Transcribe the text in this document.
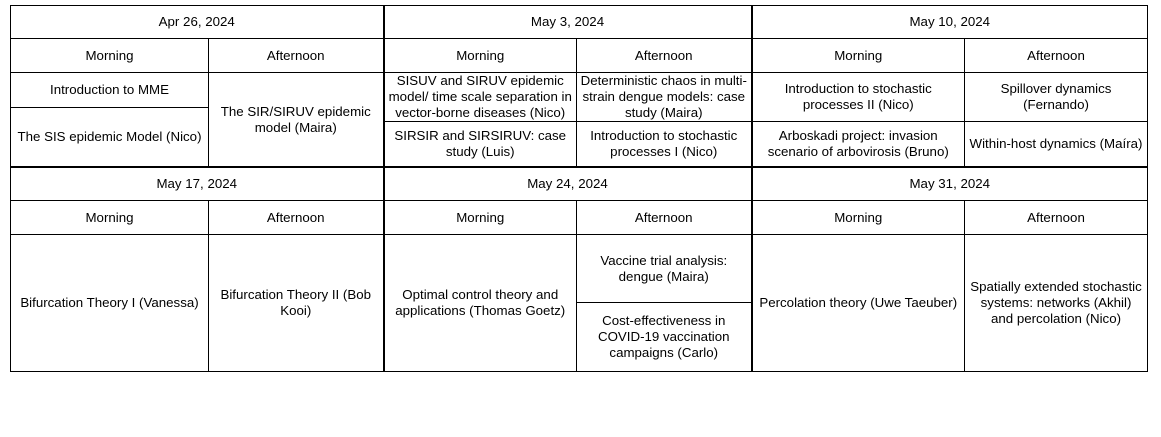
Apr 26, 2024		May 3, 2024		May 10, 2024	
Morning	Afternoon	Morning	Afternoon	Morning	Afternoon
Introduction to MME	The SIR/SIRUV epidemic model (Maira)	SISUV and SIRUV epidemic model/ time scale separation in vector-borne diseases (Nico)	Deterministic chaos in multi-strain dengue models: case study (Maira)	Introduction to stochastic processes II (Nico)	Spillover dynamics (Fernando)
The SIS epidemic Model (Nico)					
		SIRSIR and SIRSIRUV: case study (Luis)	Introduction to stochastic processes I (Nico)	Arboskadi project: invasion scenario of arbovirosis (Bruno)	Within-host dynamics (Maíra)
May 17, 2024		May 24, 2024		May 31, 2024	
Morning	Afternoon	Morning	Afternoon	Morning	Afternoon
Bifurcation Theory I (Vanessa)	Bifurcation Theory II (Bob Kooi)	Optimal control theory and applications (Thomas Goetz)	Vaccine trial analysis: dengue (Maira)	Percolation theory (Uwe Taeuber)	Spatially extended stochastic systems: networks (Akhil) and percolation (Nico)
			Cost-effectiveness in COVID-19 vaccination campaigns (Carlo)		
